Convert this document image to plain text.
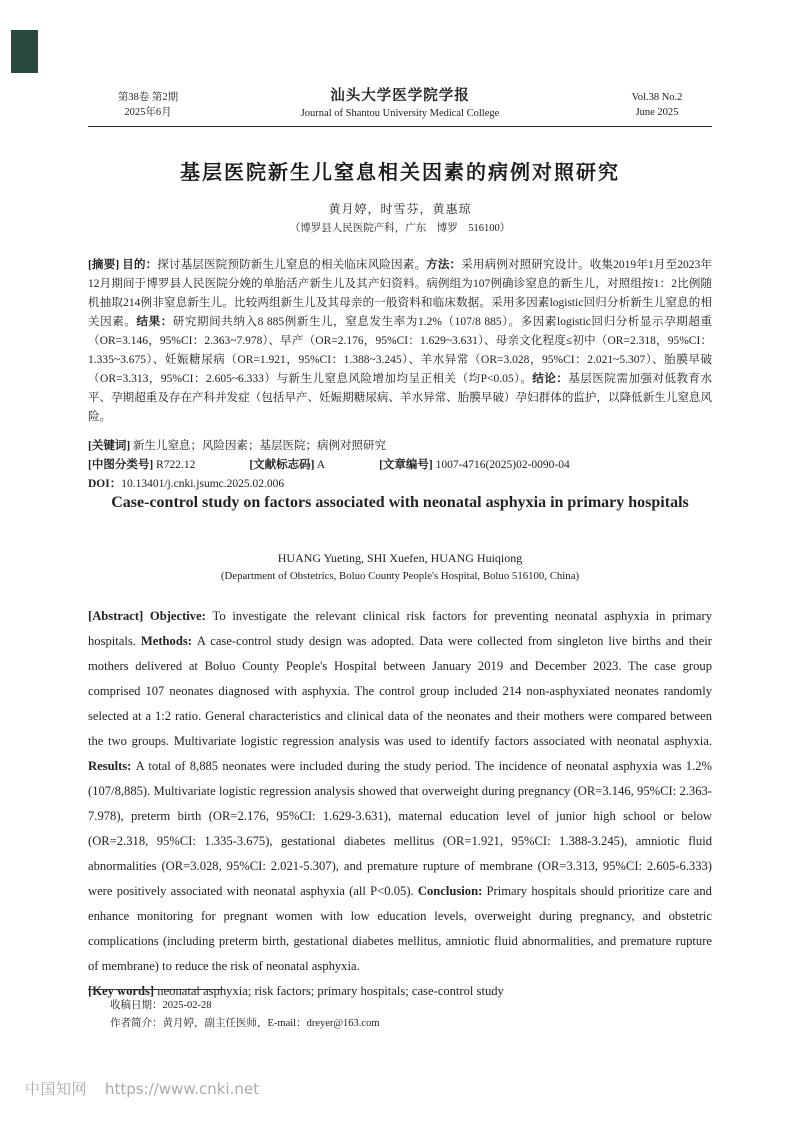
第38卷 第2期
2025年6月
汕头大学医学院学报
Journal of Shantou University Medical College
Vol.38 No.2
June 2025
基层医院新生儿窒息相关因素的病例对照研究
黄月婷，时雪芬，黄惠琼
（博罗县人民医院产科，广东　博罗　516100）
[摘要] 目的：探讨基层医院预防新生儿窒息的相关临床风险因素。方法：采用病例对照研究设计。收集2019年1月至2023年12月期间于博罗县人民医院分娩的单胎活产新生儿及其产妇资料。病例组为107例确诊窒息的新生儿，对照组按1：2比例随机抽取214例非窒息新生儿。比较两组新生儿及其母亲的一般资料和临床数据。采用多因素logistic回归分析新生儿窒息的相关因素。结果：研究期间共纳入8 885例新生儿，窒息发生率为1.2%（107/8 885）。多因素logistic回归分析显示孕期超重（OR=3.146，95%CI：2.363~7.978）、早产（OR=2.176，95%CI：1.629~3.631）、母亲文化程度≤初中（OR=2.318，95%CI：1.335~3.675）、妊娠糖尿病（OR=1.921，95%CI：1.388~3.245）、羊水异常（OR=3.028，95%CI：2.021~5.307）、胎膜早破（OR=3.313，95%CI：2.605~6.333）与新生儿窒息风险增加均呈正相关（均P<0.05）。结论：基层医院需加强对低教育水平、孕期超重及存在产科并发症（包括早产、妊娠期糖尿病、羊水异常、胎膜早破）孕妇群体的监护，以降低新生儿窒息风险。
[关键词] 新生儿窒息；风险因素；基层医院；病例对照研究
[中图分类号] R722.12	[文献标志码] A	[文章编号] 1007-4716(2025)02-0090-04
DOI：10.13401/j.cnki.jsumc.2025.02.006
Case-control study on factors associated with neonatal asphyxia in primary hospitals
HUANG Yueting, SHI Xuefen, HUANG Huiqiong
(Department of Obstetrics, Boluo County People's Hospital, Boluo 516100, China)
[Abstract] Objective: To investigate the relevant clinical risk factors for preventing neonatal asphyxia in primary hospitals. Methods: A case-control study design was adopted. Data were collected from singleton live births and their mothers delivered at Boluo County People's Hospital between January 2019 and December 2023. The case group comprised 107 neonates diagnosed with asphyxia. The control group included 214 non-asphyxiated neonates randomly selected at a 1:2 ratio. General characteristics and clinical data of the neonates and their mothers were compared between the two groups. Multivariate logistic regression analysis was used to identify factors associated with neonatal asphyxia. Results: A total of 8,885 neonates were included during the study period. The incidence of neonatal asphyxia was 1.2% (107/8,885). Multivariate logistic regression analysis showed that overweight during pregnancy (OR=3.146, 95%CI: 2.363-7.978), preterm birth (OR=2.176, 95%CI: 1.629-3.631), maternal education level of junior high school or below (OR=2.318, 95%CI: 1.335-3.675), gestational diabetes mellitus (OR=1.921, 95%CI: 1.388-3.245), amniotic fluid abnormalities (OR=3.028, 95%CI: 2.021-5.307), and premature rupture of membrane (OR=3.313, 95%CI: 2.605-6.333) were positively associated with neonatal asphyxia (all P<0.05). Conclusion: Primary hospitals should prioritize care and enhance monitoring for pregnant women with low education levels, overweight during pregnancy, and obstetric complications (including preterm birth, gestational diabetes mellitus, amniotic fluid abnormalities, and premature rupture of membrane) to reduce the risk of neonatal asphyxia.
[Key words] neonatal asphyxia; risk factors; primary hospitals; case-control study
收稿日期：2025-02-28
作者简介：黄月婷，副主任医师，E-mail：dreyer@163.com
中国知网 https://www.cnki.net
